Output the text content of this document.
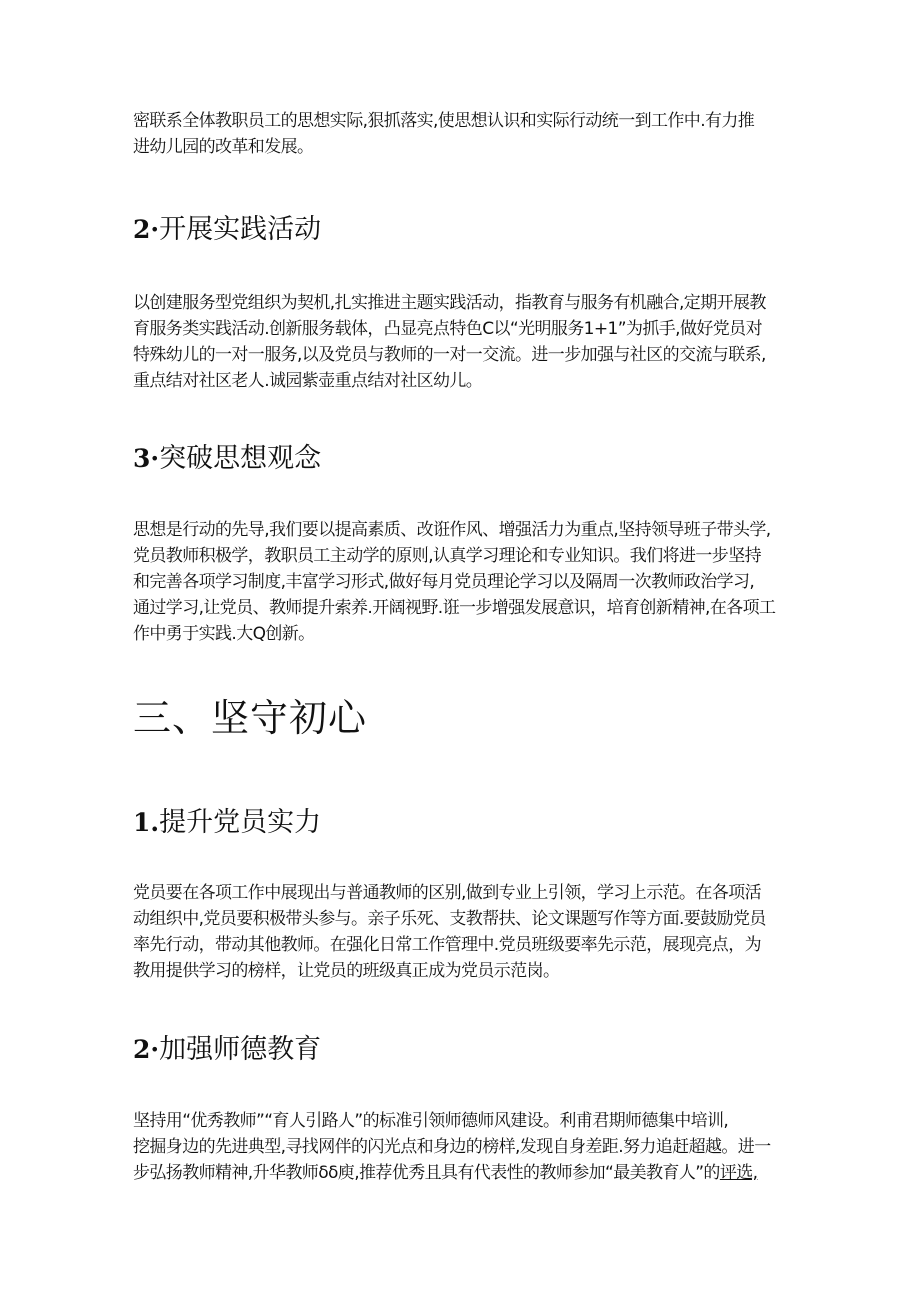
密联系全体教职员工的思想实际,狠抓落实,使思想认识和实际行动统一到工作中.有力推
进幼儿园的改革和发展。

2·开展实践活动

以创建服务型党组织为契机,扎实推进主题实践活动，指教育与服务有机融合,定期开展教
育服务类实践活动.创新服务载体，凸显亮点特色C以“光明服务1+1”为抓手,做好党员对
特殊幼儿的一对一服务,以及党员与教师的一对一交流。进一步加强与社区的交流与联系,
重点结对社区老人.诚园紫壶重点结对社区幼儿。

3·突破思想观念

思想是行动的先导,我们要以提高素质、改诳作风、增强活力为重点,坚持领导班子带头学,
党员教师积极学，教职员工主动学的原则,认真学习理论和专业知识。我们将进一步坚持
和完善各项学习制度,丰富学习形式,做好每月党员理论学习以及隔周一次教师政治学习,
通过学习,让党员、教师提升索养.开阔视野.诳一步增强发展意识，培育创新精神,在各项工
作中勇于实践.大Q创新。

三、坚守初心
1.提升党员实力

党员要在各项工作中展现出与普通教师的区别,做到专业上引领，学习上示范。在各项活
动组织中,党员要积极带头参与。亲子乐死、支教帮扶、论文课题写作等方面.要鼓励党员
率先行动，带动其他教师。在强化日常工作管理中.党员班级要率先示范，展现亮点，为
教用提供学习的榜样，让党员的班级真正成为党员示范岗。

2·加强师德教育

坚持用“优秀教师”“育人引路人”的标准引领师德师风建设。利甫君期师德集中培训,
挖掘身边的先进典型,寻找网伴的闪光点和身边的榜样,发现自身差距.努力追赶超越。进一
步弘扬教师精神,升华教师δδ庾,推荐优秀且具有代表性的教师参加“最美教育人”的评选,
